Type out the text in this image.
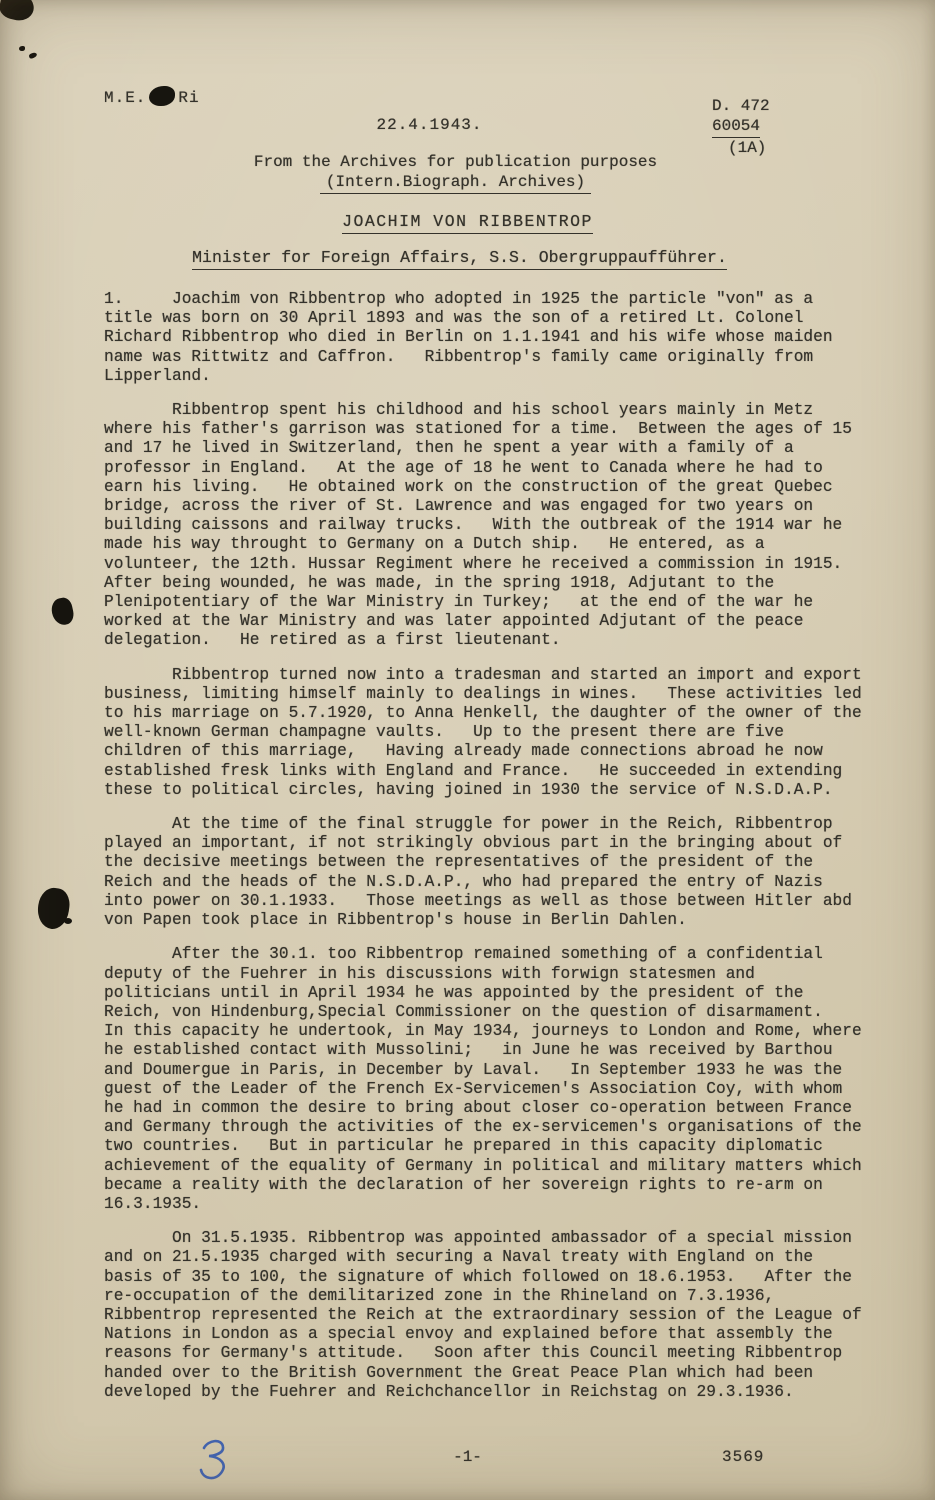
M.E. Ri
22.4.1943.
D. 472
60054
(1A)
From the Archives for publication purposes
(Intern.Biograph. Archives)
JOACHIM VON RIBBENTROP
Minister for Foreign Affairs, S.S. Obergruppaufführer.

1.	Joachim von Ribbentrop who adopted in 1925 the particle "von" as a title was born on 30 April 1893 and was the son of a retired Lt. Colonel Richard Ribbentrop who died in Berlin on 1.1.1941 and his wife whose maiden name was Rittwitz and Caffron.   Ribbentrop's family came originally from Lipperland.

Ribbentrop spent his childhood and his school years mainly in Metz where his father's garrison was stationed for a time.  Between the ages of 15 and 17 he lived in Switzerland, then he spent a year with a family of a professor in England.   At the age of 18 he went to Canada where he had to earn his living.   He obtained work on the construction of the great Quebec bridge, across the river of St. Lawrence and was engaged for two years on building caissons and railway trucks.   With the outbreak of the 1914 war he made his way throught to Germany on a Dutch ship.   He entered, as a volunteer, the 12th. Hussar Regiment where he received a commission in 1915.   After being wounded, he was made, in the spring 1918, Adjutant to the Plenipotentiary of the War Ministry in Turkey;   at the end of the war he worked at the War Ministry and was later appointed Adjutant of the peace delegation.   He retired as a first lieutenant.

Ribbentrop turned now into a tradesman and started an import and export business, limiting himself mainly to dealings in wines.   These activities led to his marriage on 5.7.1920, to Anna Henkell, the daughter of the owner of the well-known German champagne vaults.   Up to the present there are five children of this marriage,   Having already made connections abroad he now established fresk links with England and France.   He succeeded in extending these to political circles, having joined in 1930 the service of N.S.D.A.P.

At the time of the final struggle for power in the Reich, Ribbentrop played an important, if not strikingly obvious part in the bringing about of the decisive meetings between the representatives of the president of the Reich and the heads of the N.S.D.A.P., who had prepared the entry of Nazis into power on 30.1.1933.   Those meetings as well as those between Hitler abd von Papen took place in Ribbentrop's house in Berlin Dahlen.

After the 30.1. too Ribbentrop remained something of a confidential deputy of the Fuehrer in his discussions with forwign statesmen and politicians until in April 1934 he was appointed by the president of the Reich, von Hindenburg,Special Commissioner on the question of disarmament.   In this capacity he undertook, in May 1934, journeys to London and Rome, where he established contact with Mussolini;   in June he was received by Barthou and Doumergue in Paris, in December by Laval.   In September 1933 he was the guest of the Leader of the French Ex-Servicemen's Association Coy, with whom he had in common the desire to bring about closer co-operation between France and Germany through the activities of the ex-servicemen's organisations of the two countries.   But in particular he prepared in this capacity diplomatic achievement of the equality of Germany in political and military matters which became a reality with the declaration of her sovereign rights to re-arm on 16.3.1935.

On 31.5.1935. Ribbentrop was appointed ambassador of a special mission and on 21.5.1935 charged with securing a Naval treaty with England on the basis of 35 to 100, the signature of which followed on 18.6.1953.   After the re-occupation of the demilitarized zone in the Rhineland on 7.3.1936, Ribbentrop represented the Reich at the extraordinary session of the League of Nations in London as a special envoy and explained before that assembly the reasons for Germany's attitude.   Soon after this Council meeting Ribbentrop handed over to the British Government the Great Peace Plan which had been developed by the Fuehrer and Reichchancellor in Reichstag on 29.3.1936.

-1-	3569
